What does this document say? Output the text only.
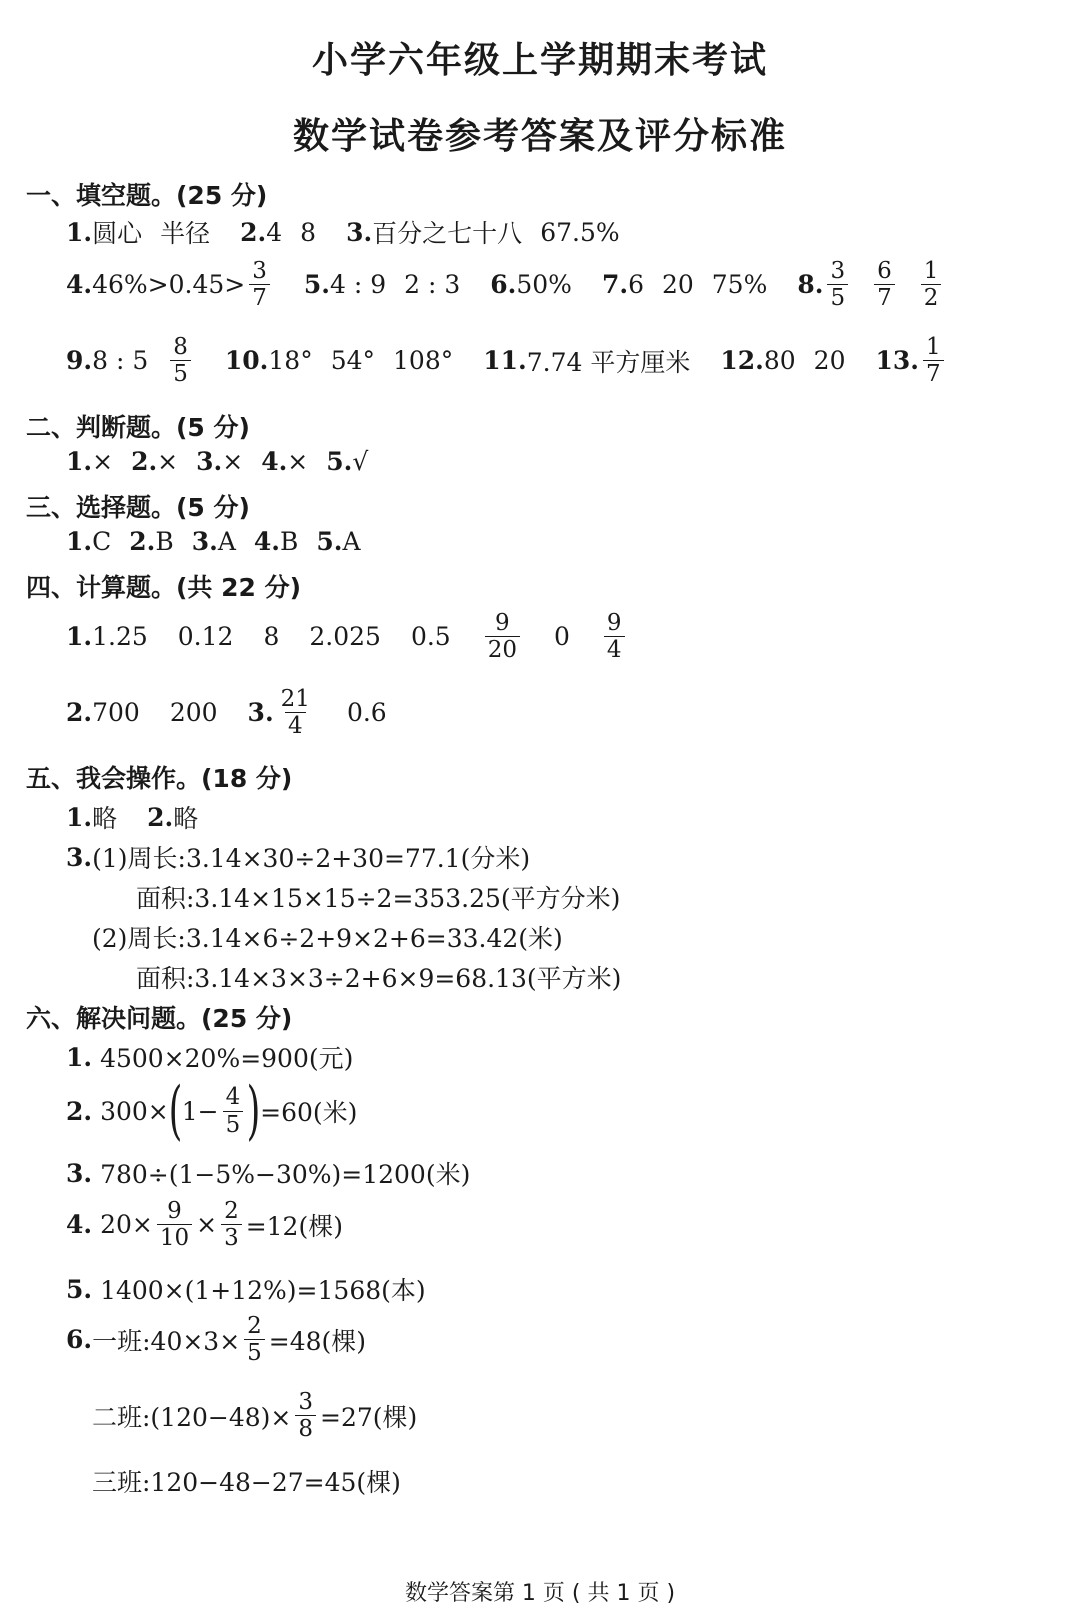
小学六年级上学期期末考试
数学试卷参考答案及评分标准
一、填空题。(25 分)
1. 圆心 半径 2. 4 8 3. 百分之七十八 67.5%
4. $46\%>0.45> \frac{3}{7} 5$. 4 : 9 2 : 3 6. 50% 7. 6 20 75% 8. $\frac{3}{5} \frac{6}{7} \frac{1}{2}$
9. 8 : $5 \frac{8}{5} 10$. 18° 54° 108° 11. 7.74 平方厘米 12. 80 20 13. $\frac{1}{7}$
二、判断题。(5 分)
1. × 2. × 3. × 4. × 5. √
三、选择题。(5 分)
1. C 2. B 3. A 4. B 5. A
四、计算题。(共 22 分)
1. 1.25 0.12 8 2.025 $0.5 \frac{9}{20} 0 \frac{9}{4}$
2. 700 200 3. $\frac{21}{4} 0.6$
五、我会操作。(18 分)
1. 略 2. 略
3. (1)周长:3.14×30÷2+30=77.1(分米)
面积:3.14×15×15÷2=353.25(平方分米)
(2)周长:3.14×6÷2+9×2+6=33.42(米)
面积:3.14×3×3÷2+6×9=68.13(平方米)
六、解决问题。(25 分)
1.
4500×20%=900(元)
2.
300× ( $1- \frac{4}{5}$ ) =60(米)
3.
780÷(1−5%−30%)=1200(米)
4.
$20\times \frac{9}{10} \times \frac{2}{3} =12$(棵)
5.
1400×(1+12%)=1568(本)
6. 一班:40×3× $\frac{2}{5} =48$(棵)
二班:(120−48)× $\frac{3}{8} =27$(棵)
三班:120−48−27=45(棵)
数学答案第 1 页 ( 共 1 页 )
